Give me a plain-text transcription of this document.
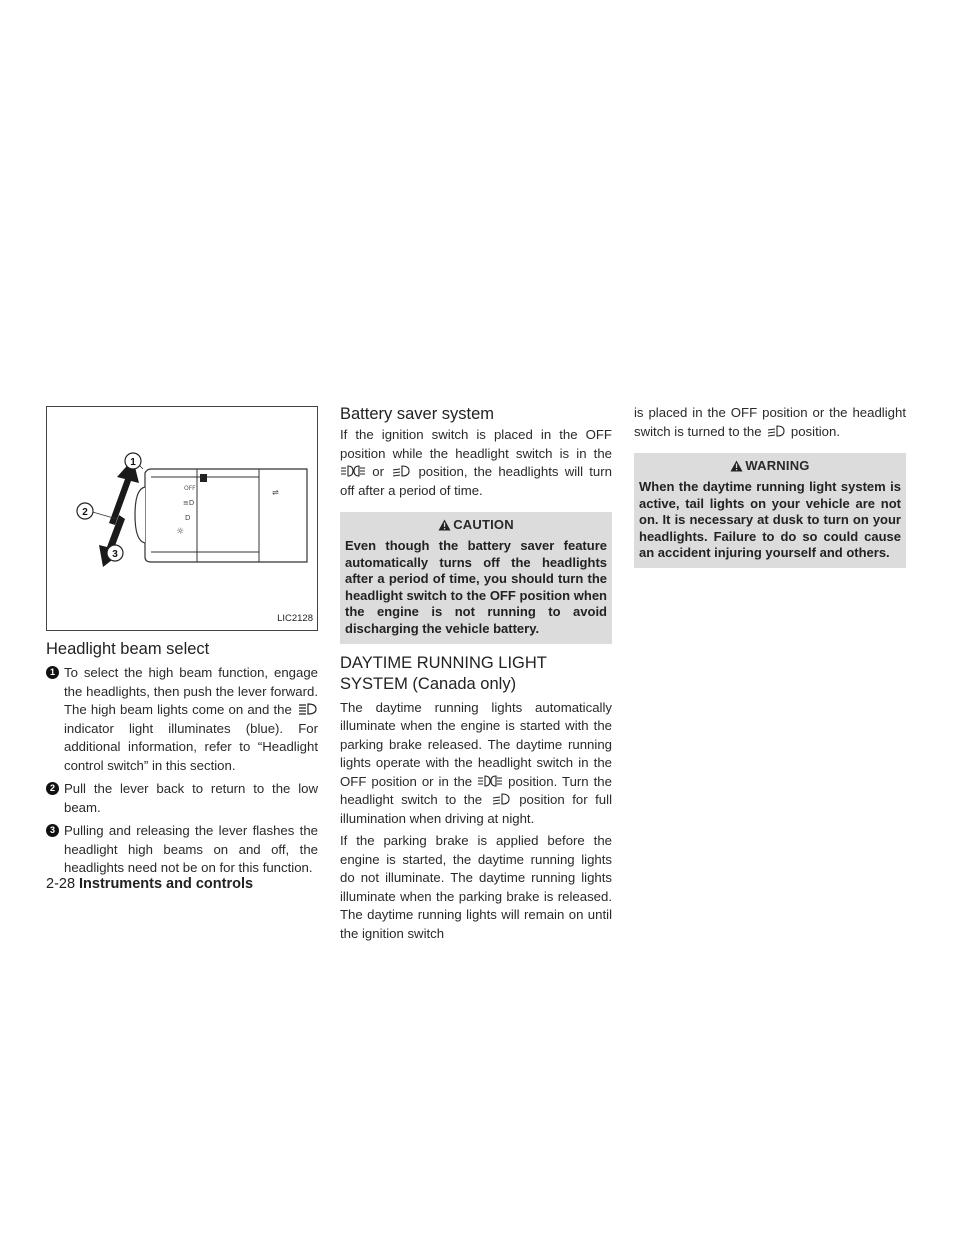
OFF
≡D
D
☼
⇌
1
2
3
LIC2128
Headlight beam select
1 To select the high beam function, engage the headlights, then push the lever forward. The high beam lights come on and the  indicator light illuminates (blue). For additional information, refer to “Headlight control switch” in this section.
2 Pull the lever back to return to the low beam.
3 Pulling and releasing the lever flashes the headlight high beams on and off, the headlights need not be on for this function.
Battery saver system

If the ignition switch is placed in the OFF position while the headlight switch is in the  or	position, the headlights will turn off after a period of time.

CAUTION
Even though the battery saver feature automatically turns off the headlights after a period of time, you should turn the headlight switch to the OFF position when the engine is not running to avoid discharging the vehicle battery.
DAYTIME RUNNING LIGHT SYSTEM (Canada only)

The daytime running lights automatically illuminate when the engine is started with the parking brake released. The daytime running lights operate with the headlight switch in the OFF position or in the	position. Turn the headlight switch to the	position for full illumination when driving at night.

If the parking brake is applied before the engine is started, the daytime running lights do not illuminate. The daytime running lights illuminate when the parking brake is released. The daytime running lights will remain on until the ignition switch

is placed in the OFF position or the headlight switch is turned to the position.

WARNING
When the daytime running light system is active, tail lights on your vehicle are not on. It is necessary at dusk to turn on your headlights. Failure to do so could cause an accident injuring yourself and others.
2-28 Instruments and controls
